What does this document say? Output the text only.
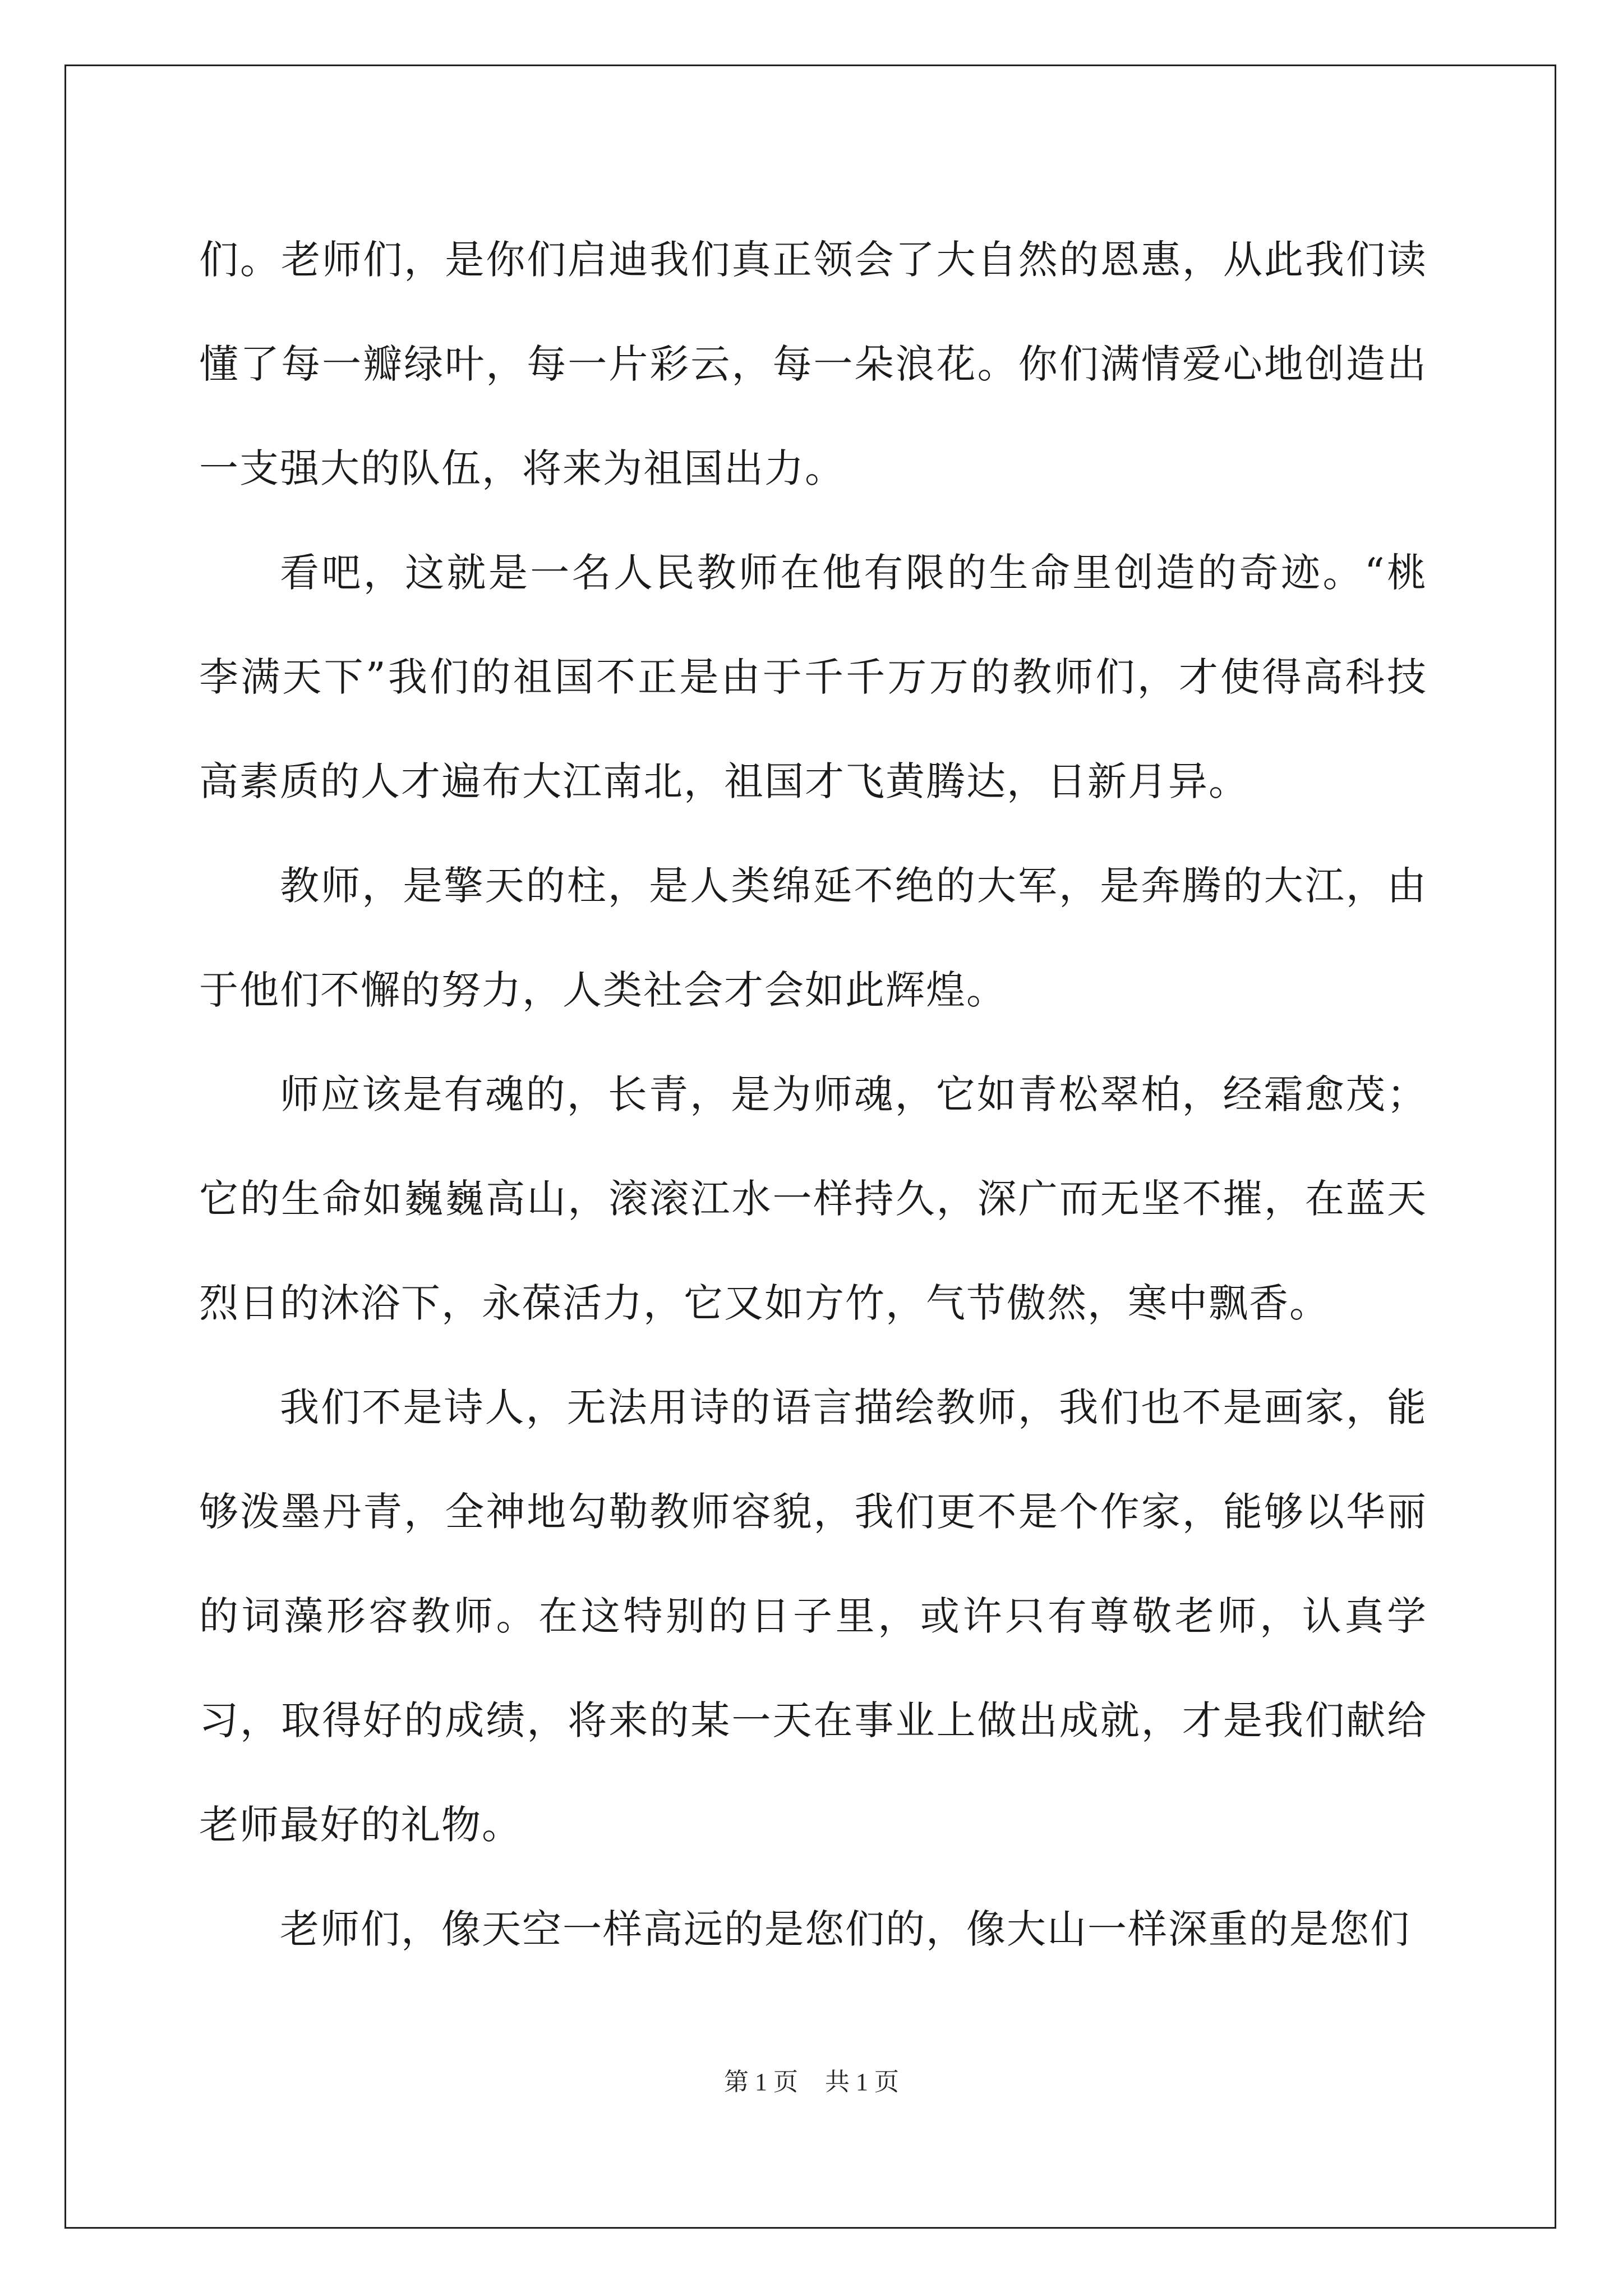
们。老师们，是你们启迪我们真正领会了大自然的恩惠，从此我们读懂了每一瓣绿叶，每一片彩云，每一朵浪花。你们满情爱心地创造出一支强大的队伍，将来为祖国出力。

看吧，这就是一名人民教师在他有限的生命里创造的奇迹。“桃李满天下”我们的祖国不正是由于千千万万的教师们，才使得高科技高素质的人才遍布大江南北，祖国才飞黄腾达，日新月异。

教师，是擎天的柱，是人类绵延不绝的大军，是奔腾的大江，由于他们不懈的努力，人类社会才会如此辉煌。

师应该是有魂的，长青，是为师魂，它如青松翠柏，经霜愈茂；它的生命如巍巍高山，滚滚江水一样持久，深广而无坚不摧，在蓝天烈日的沐浴下，永葆活力，它又如方竹，气节傲然，寒中飘香。

我们不是诗人，无法用诗的语言描绘教师，我们也不是画家，能够泼墨丹青，全神地勾勒教师容貌，我们更不是个作家，能够以华丽的词藻形容教师。在这特别的日子里，或许只有尊敬老师，认真学习，取得好的成绩，将来的某一天在事业上做出成就，才是我们献给老师最好的礼物。

老师们，像天空一样高远的是您们的，像大山一样深重的是您们

第 1 页 共 1 页
